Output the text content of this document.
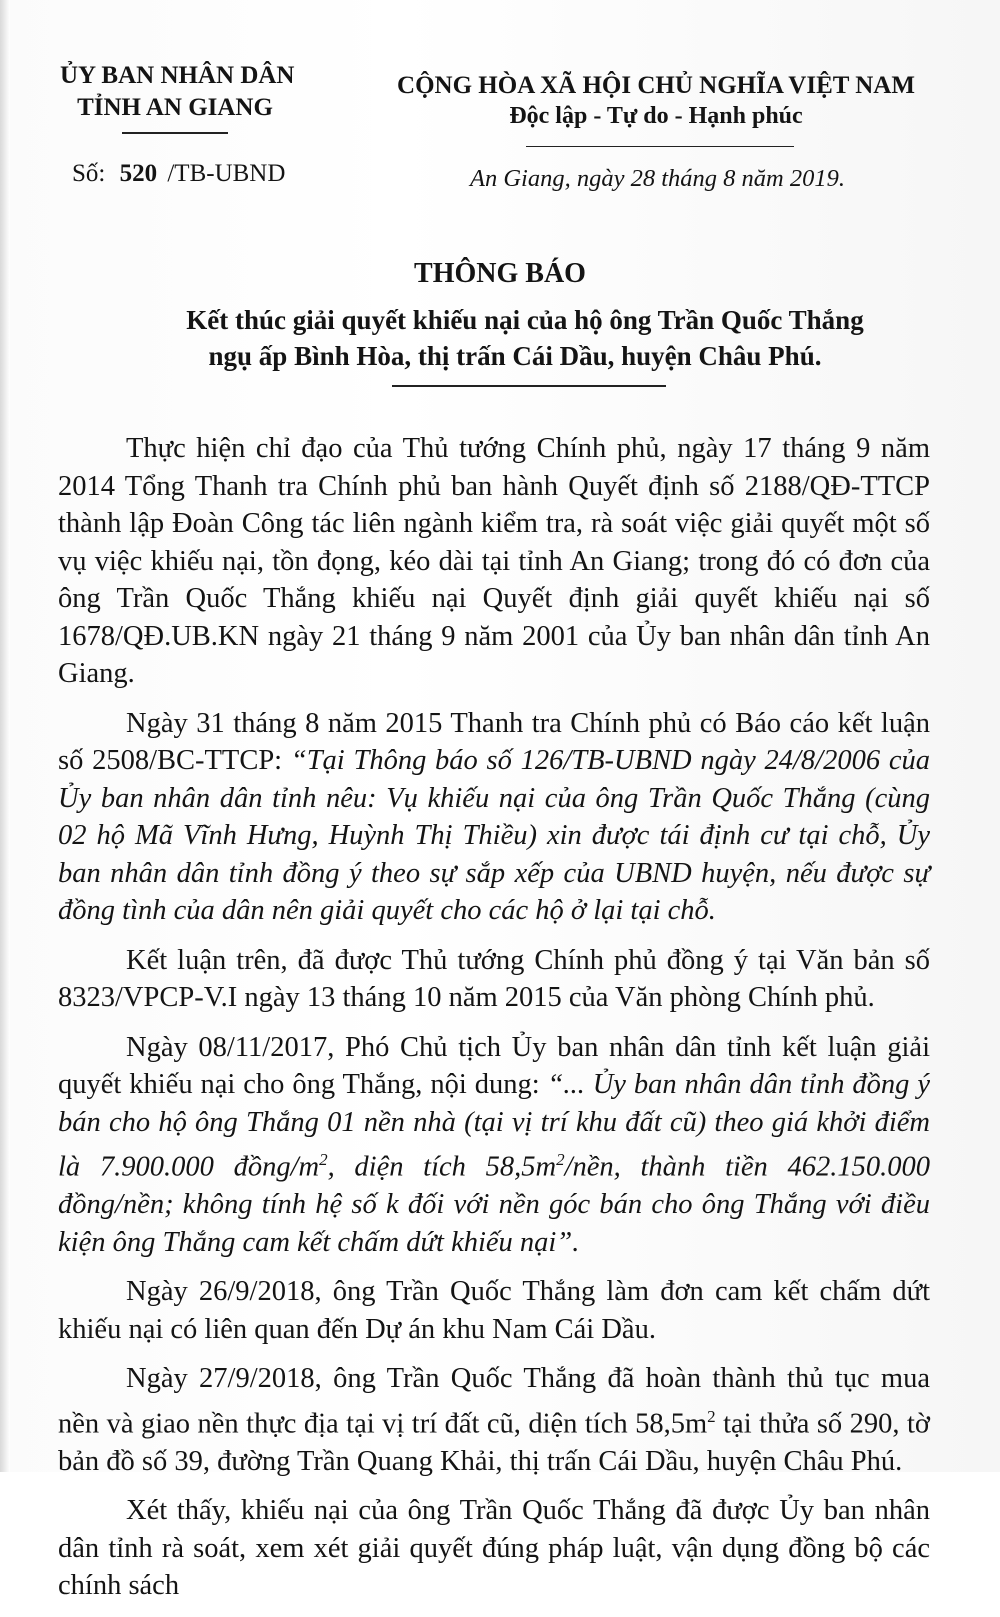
ỦY BAN NHÂN DÂN
TỈNH AN GIANG
Số: 520 /TB-UBND
CỘNG HÒA XÃ HỘI CHỦ NGHĨA VIỆT NAM
Độc lập - Tự do - Hạnh phúc
An Giang, ngày 28 tháng 8 năm 2019.
THÔNG BÁO
Kết thúc giải quyết khiếu nại của hộ ông Trần Quốc Thắng
ngụ ấp Bình Hòa, thị trấn Cái Dầu, huyện Châu Phú.

Thực hiện chỉ đạo của Thủ tướng Chính phủ, ngày 17 tháng 9 năm 2014 Tổng Thanh tra Chính phủ ban hành Quyết định số 2188/QĐ-TTCP thành lập Đoàn Công tác liên ngành kiểm tra, rà soát việc giải quyết một số vụ việc khiếu nại, tồn đọng, kéo dài tại tỉnh An Giang; trong đó có đơn của ông Trần Quốc Thắng khiếu nại Quyết định giải quyết khiếu nại số 1678/QĐ.UB.KN ngày 21 tháng 9 năm 2001 của Ủy ban nhân dân tỉnh An Giang.

Ngày 31 tháng 8 năm 2015 Thanh tra Chính phủ có Báo cáo kết luận số 2508/BC-TTCP: “Tại Thông báo số 126/TB-UBND ngày 24/8/2006 của Ủy ban nhân dân tỉnh nêu: Vụ khiếu nại của ông Trần Quốc Thắng (cùng 02 hộ Mã Vĩnh Hưng, Huỳnh Thị Thiều) xin được tái định cư tại chỗ, Ủy ban nhân dân tỉnh đồng ý theo sự sắp xếp của UBND huyện, nếu được sự đồng tình của dân nên giải quyết cho các hộ ở lại tại chỗ.

Kết luận trên, đã được Thủ tướng Chính phủ đồng ý tại Văn bản số 8323/VPCP-V.I ngày 13 tháng 10 năm 2015 của Văn phòng Chính phủ.

Ngày 08/11/2017, Phó Chủ tịch Ủy ban nhân dân tỉnh kết luận giải quyết khiếu nại cho ông Thắng, nội dung: “... Ủy ban nhân dân tỉnh đồng ý bán cho hộ ông Thắng 01 nền nhà (tại vị trí khu đất cũ) theo giá khởi điểm là 7.900.000 đồng/$m^2$, diện tích $58,5m^2$/nền, thành tiền 462.150.000 đồng/nền; không tính hệ số k đối với nền góc bán cho ông Thắng với điều kiện ông Thắng cam kết chấm dứt khiếu nại”.

Ngày 26/9/2018, ông Trần Quốc Thắng làm đơn cam kết chấm dứt khiếu nại có liên quan đến Dự án khu Nam Cái Dầu.

Ngày 27/9/2018, ông Trần Quốc Thắng đã hoàn thành thủ tục mua nền và giao nền thực địa tại vị trí đất cũ, diện tích $58,5m^2$ tại thửa số 290, tờ bản đồ số 39, đường Trần Quang Khải, thị trấn Cái Dầu, huyện Châu Phú.

Xét thấy, khiếu nại của ông Trần Quốc Thắng đã được Ủy ban nhân dân tỉnh rà soát, xem xét giải quyết đúng pháp luật, vận dụng đồng bộ các chính sách
